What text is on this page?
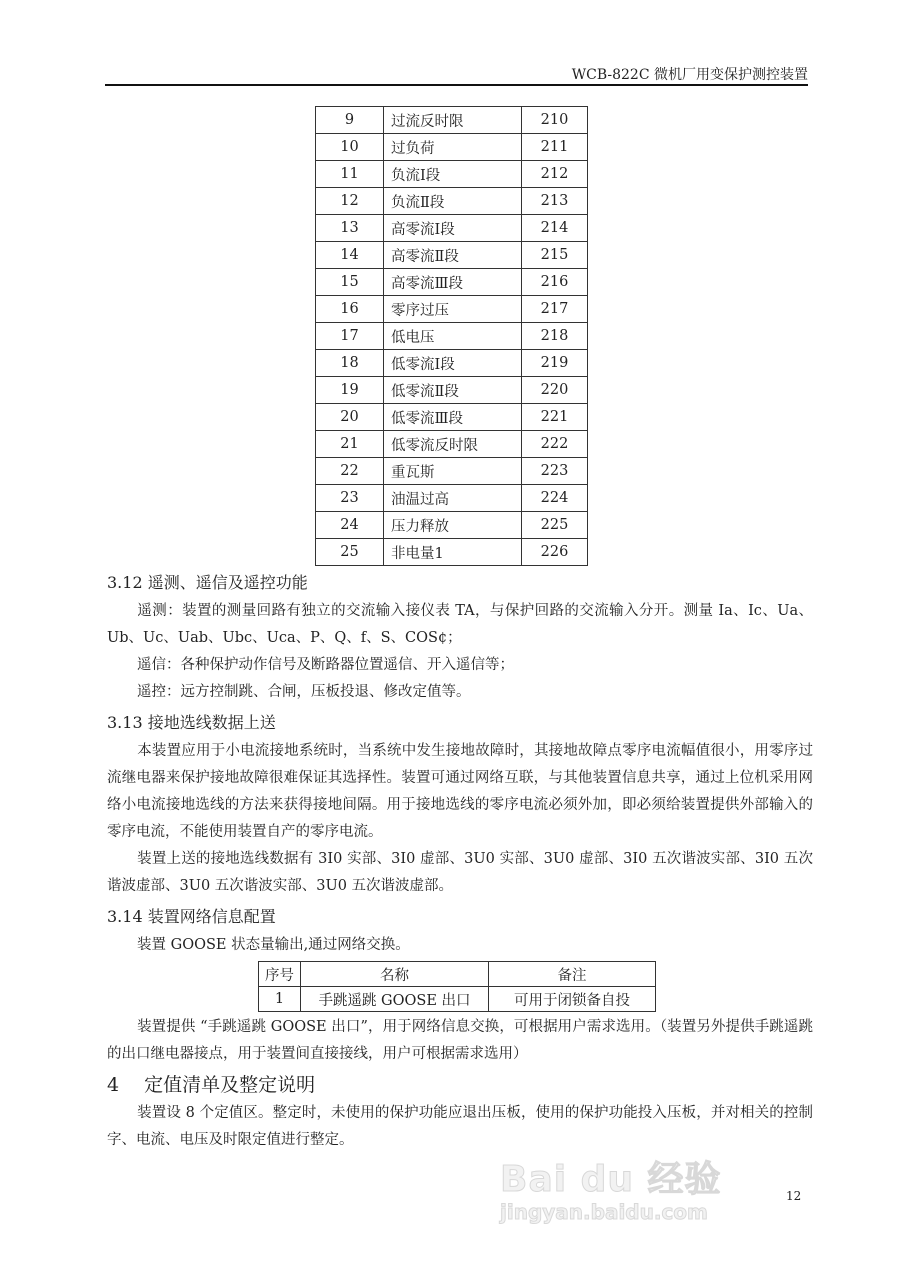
WCB-822C 微机厂用变保护测控装置
9	过流反时限	210
10	过负荷	211
11	负流Ⅰ段	212
12	负流Ⅱ段	213
13	高零流Ⅰ段	214
14	高零流Ⅱ段	215
15	高零流Ⅲ段	216
16	零序过压	217
17	低电压	218
18	低零流Ⅰ段	219
19	低零流Ⅱ段	220
20	低零流Ⅲ段	221
21	低零流反时限	222
22	重瓦斯	223
23	油温过高	224
24	压力释放	225
25	非电量1	226
Bai du 经验
jingyan.baidu.com
3.12 遥测、遥信及遥控功能

遥测：装置的测量回路有独立的交流输入接仪表 TA，与保护回路的交流输入分开。测量 Ia、Ic、Ua、Ub、Uc、Uab、Ubc、Uca、P、Q、f、S、COS¢；

遥信：各种保护动作信号及断路器位置遥信、开入遥信等；

遥控：远方控制跳、合闸，压板投退、修改定值等。

3.13 接地选线数据上送

本装置应用于小电流接地系统时，当系统中发生接地故障时，其接地故障点零序电流幅值很小，用零序过流继电器来保护接地故障很难保证其选择性。装置可通过网络互联，与其他装置信息共享，通过上位机采用网络小电流接地选线的方法来获得接地间隔。用于接地选线的零序电流必须外加，即必须给装置提供外部输入的零序电流，不能使用装置自产的零序电流。

装置上送的接地选线数据有 3I0 实部、3I0 虚部、3U0 实部、3U0 虚部、3I0 五次谐波实部、3I0 五次谐波虚部、3U0 五次谐波实部、3U0 五次谐波虚部。

3.14 装置网络信息配置

装置 GOOSE 状态量输出,通过网络交换。

序号	名称	备注
1	手跳遥跳 GOOSE 出口	可用于闭锁备自投

装置提供 “手跳遥跳 GOOSE 出口”，用于网络信息交换，可根据用户需求选用。（装置另外提供手跳遥跳的出口继电器接点，用于装置间直接接线，用户可根据需求选用）

4　 定值清单及整定说明

装置设 8 个定值区。整定时，未使用的保护功能应退出压板，使用的保护功能投入压板，并对相关的控制字、电流、电压及时限定值进行整定。

12
